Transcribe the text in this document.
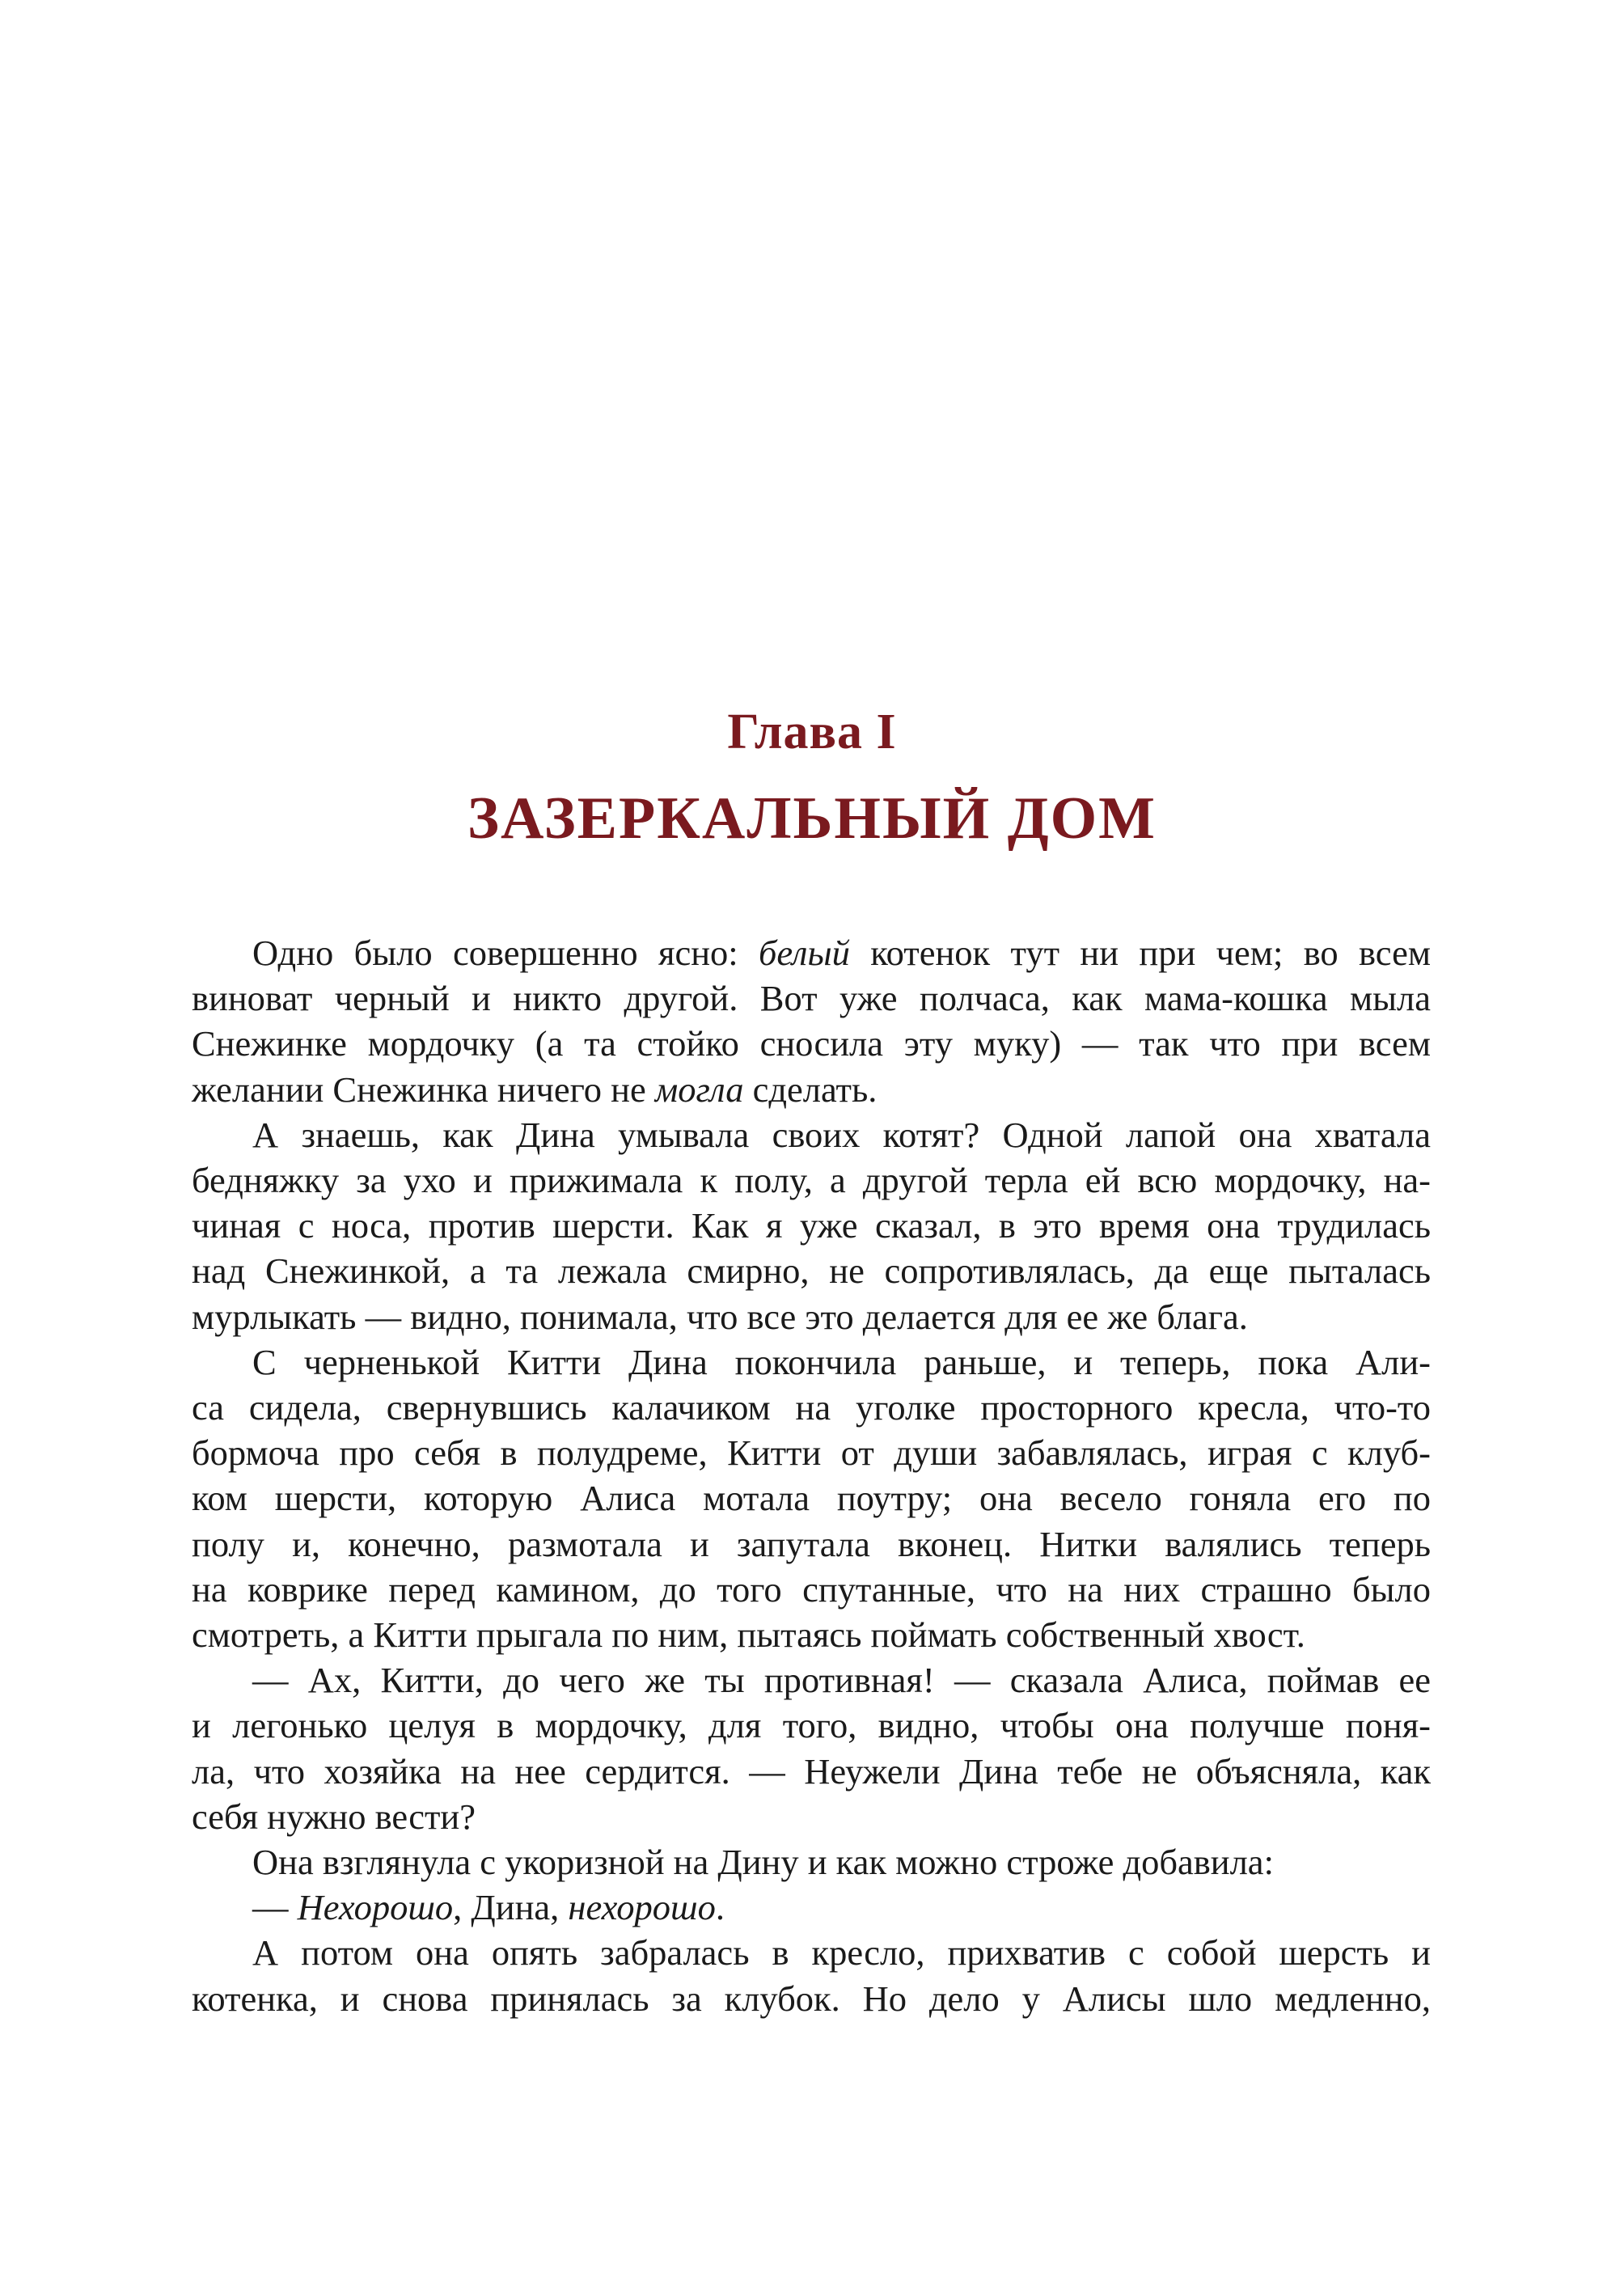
Глава I
ЗАЗЕРКАЛЬНЫЙ ДОМ
Одно было совершенно ясно: белый котенок тут ни при чем; во всем
виноват черный и никто другой. Вот уже полчаса, как мама-кошка мыла
Снежинке мордочку (а та стойко сносила эту муку) — так что при всем
желании Снежинка ничего не могла сделать.
А знаешь, как Дина умывала своих котят? Одной лапой она хватала
бедняжку за ухо и прижимала к полу, а другой терла ей всю мордочку, на-
чиная с носа, против шерсти. Как я уже сказал, в это время она трудилась
над Снежинкой, а та лежала смирно, не сопротивлялась, да еще пыталась
мурлыкать — видно, понимала, что все это делается для ее же блага.
С черненькой Китти Дина покончила раньше, и теперь, пока Али-
са сидела, свернувшись калачиком на уголке просторного кресла, что-то
бормоча про себя в полудреме, Китти от души забавлялась, играя с клуб-
ком шерсти, которую Алиса мотала поутру; она весело гоняла его по
полу и, конечно, размотала и запутала вконец. Нитки валялись теперь
на коврике перед камином, до того спутанные, что на них страшно было
смотреть, а Китти прыгала по ним, пытаясь поймать собственный хвост.
— Ах, Китти, до чего же ты противная! — сказала Алиса, поймав ее
и легонько целуя в мордочку, для того, видно, чтобы она получше поня-
ла, что хозяйка на нее сердится. — Неужели Дина тебе не объясняла, как
себя нужно вести?
Она взглянула с укоризной на Дину и как можно строже добавила:
— Нехорошо, Дина, нехорошо.
А потом она опять забралась в кресло, прихватив с собой шерсть и
котенка, и снова принялась за клубок. Но дело у Алисы шло медленно,
